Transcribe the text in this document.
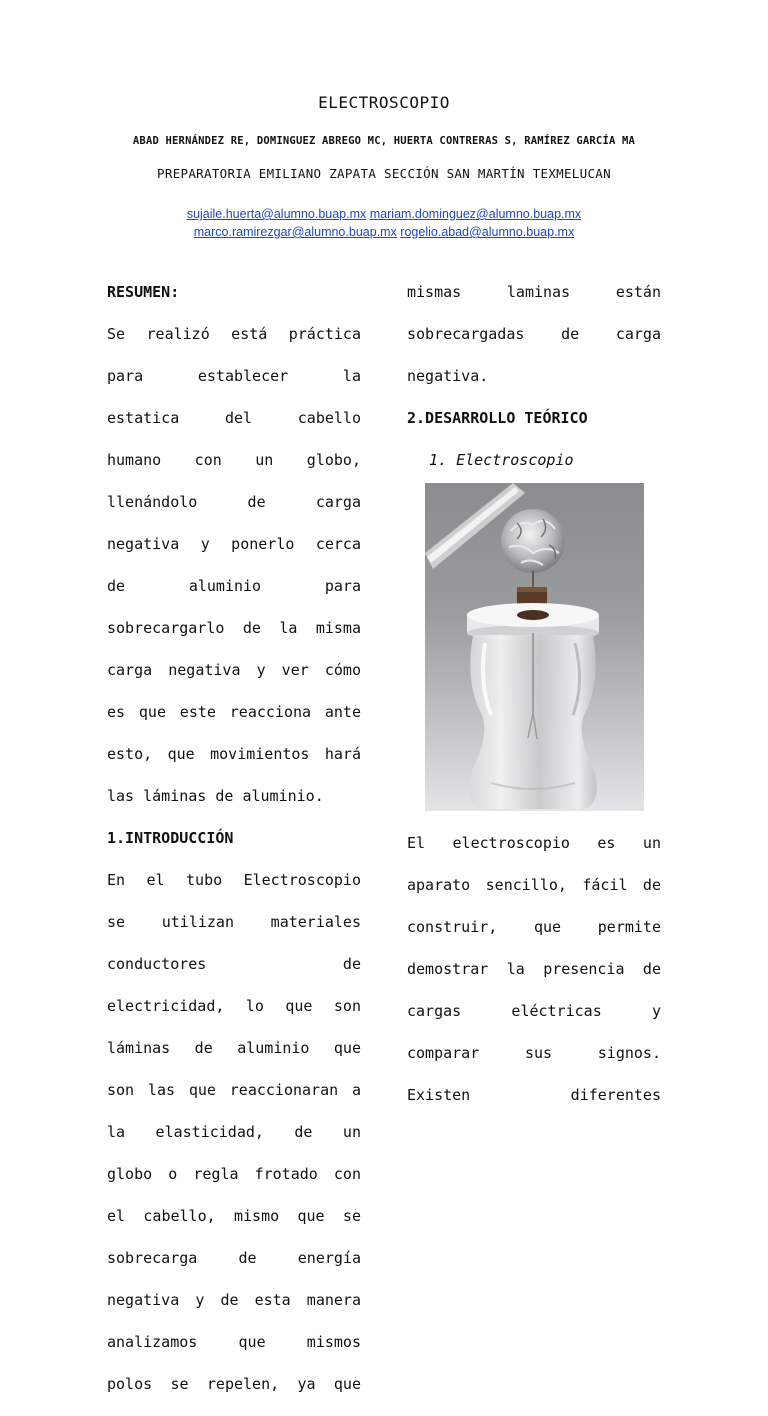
ELECTROSCOPIO
ABAD HERNÁNDEZ RE, DOMINGUEZ ABREGO MC, HUERTA CONTRERAS S, RAMÍREZ GARCÍA MA
PREPARATORIA EMILIANO ZAPATA SECCIÓN SAN MARTÍN TEXMELUCAN
sujaile.huerta@alumno.buap.mx mariam.dominguez@alumno.buap.mx
marco.ramirezgar@alumno.buap.mx rogelio.abad@alumno.buap.mx

RESUMEN:

Se realizó está práctica

para establecer la

estatica del cabello

humano con un globo,

llenándolo de carga

negativa y ponerlo cerca

de aluminio para

sobrecargarlo de la misma

carga negativa y ver cómo

es que este reacciona ante

esto, que movimientos hará

las láminas de aluminio.

1.INTRODUCCIÓN

En el tubo Electroscopio

se utilizan materiales

conductores de

electricidad, lo que son

láminas de aluminio que

son las que reaccionaran a

la elasticidad, de un

globo o regla frotado con

el cabello, mismo que se

sobrecarga de energía

negativa y de esta manera

analizamos que mismos

polos se repelen, ya que

mismas laminas están

sobrecargadas de carga

negativa.

2.DESARROLLO TEÓRICO

1. Electroscopio

El electroscopio es un

aparato sencillo, fácil de

construir, que permite

demostrar la presencia de

cargas eléctricas y

comparar sus signos.

Existen diferentes
